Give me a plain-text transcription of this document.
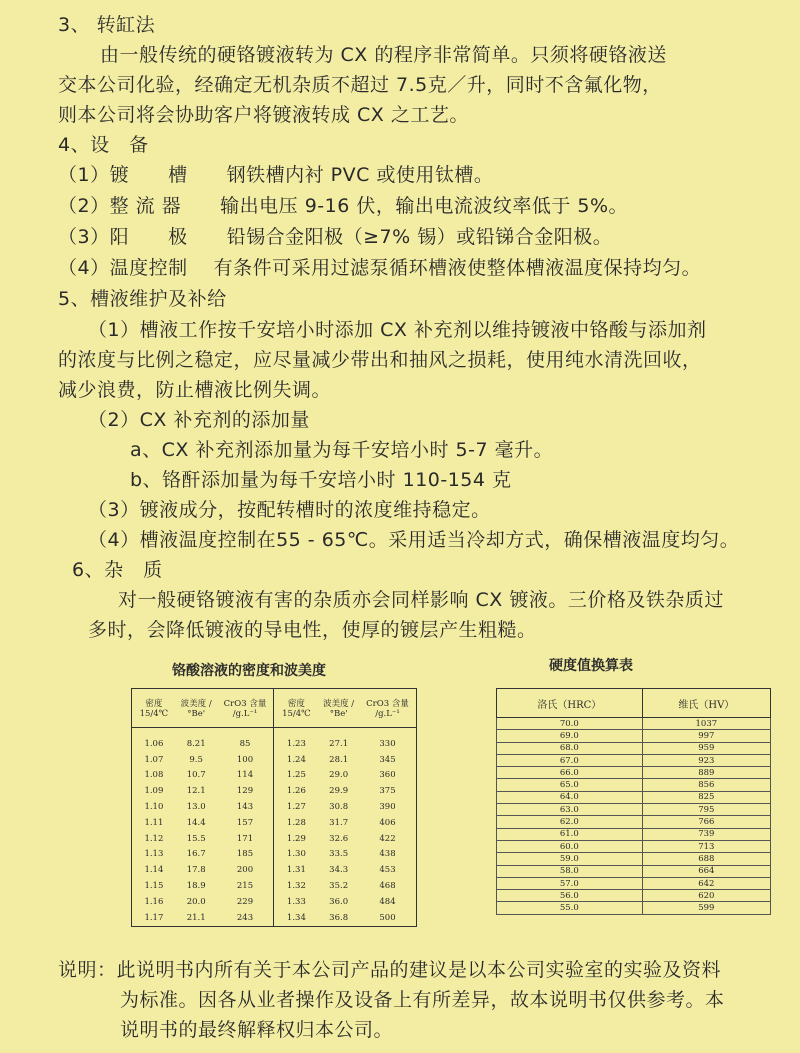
3、 转缸法
由一般传统的硬铬镀液转为 CX 的程序非常简单。只须将硬铬液送
交本公司化验，经确定无机杂质不超过 7.5克／升，同时不含氟化物，
则本公司将会协助客户将镀液转成 CX 之工艺。
4、设　备
（1）镀　　槽　　钢铁槽内衬 PVC 或使用钛槽。
（2）整 流 器　　输出电压 9-16 伏，输出电流波纹率低于 5%。
（3）阳　　极　　铅锡合金阳极（≥7% 锡）或铅锑合金阳极。
（4）温度控制　 有条件可采用过滤泵循环槽液使整体槽液温度保持均匀。
5、槽液维护及补给
（1）槽液工作按千安培小时添加 CX 补充剂以维持镀液中铬酸与添加剂
的浓度与比例之稳定，应尽量减少带出和抽风之损耗，使用纯水清洗回收，
减少浪费，防止槽液比例失调。
（2）CX 补充剂的添加量
a、CX 补充剂添加量为每千安培小时 5-7 毫升。
b、铬酐添加量为每千安培小时 110-154 克
（3）镀液成分，按配转槽时的浓度维持稳定。
（4）槽液温度控制在55 - 65℃。采用适当冷却方式，确保槽液温度均匀。
6、杂　质
对一般硬铬镀液有害的杂质亦会同样影响 CX 镀液。三价格及铁杂质过
多时，会降低镀液的导电性，使厚的镀层产生粗糙。
铬酸溶液的密度和波美度	硬度值换算表
密度 15/4℃	波美度 /°Be'	CrO3 含量 /g.L⁻¹	密度 15/4℃	波美度 /°Be'	CrO3 含量 /g.L⁻¹
1.06	8.21	85	1.23	27.1	330
1.07	9.5	100	1.24	28.1	345
1.08	10.7	114	1.25	29.0	360
1.09	12.1	129	1.26	29.9	375
1.10	13.0	143	1.27	30.8	390
1.11	14.4	157	1.28	31.7	406
1.12	15.5	171	1.29	32.6	422
1.13	16.7	185	1.30	33.5	438
1.14	17.8	200	1.31	34.3	453
1.15	18.9	215	1.32	35.2	468
1.16	20.0	229	1.33	36.0	484
1.17	21.1	243	1.34	36.8	500
洛氏（HRC）	维氏（HV）
70.0	1037
69.0	997
68.0	959
67.0	923
66.0	889
65.0	856
64.0	825
63.0	795
62.0	766
61.0	739
60.0	713
59.0	688
58.0	664
57.0	642
56.0	620
55.0	599
说明：此说明书内所有关于本公司产品的建议是以本公司实验室的实验及资料
为标准。因各从业者操作及设备上有所差异，故本说明书仅供参考。本
说明书的最终解释权归本公司。
